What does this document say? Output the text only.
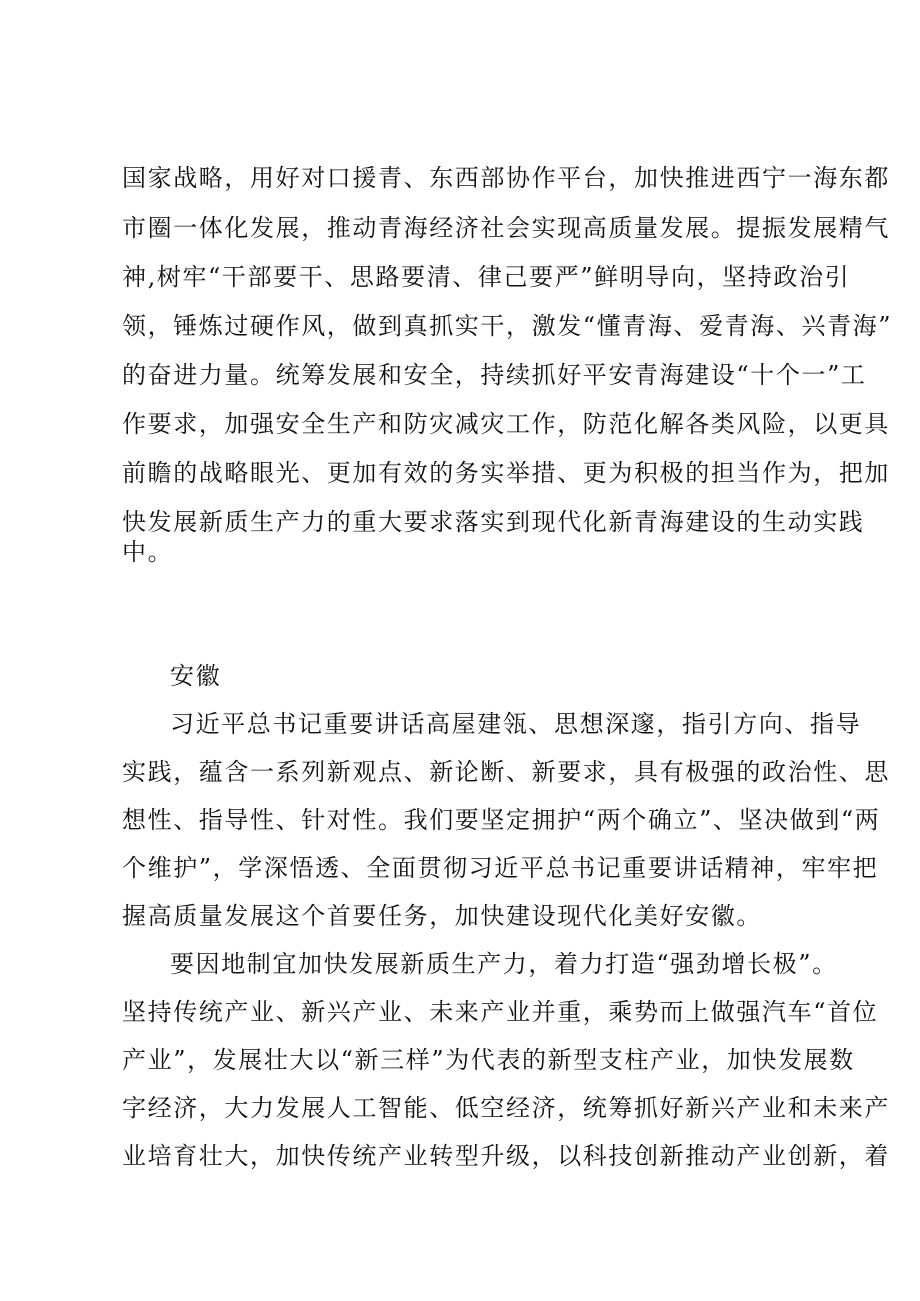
国家战略，用好对口援青、东西部协作平台，加快推进西宁一海东都
市圈一体化发展，推动青海经济社会实现高质量发展。提振发展精气
神,树牢“干部要干、思路要清、律己要严”鲜明导向，坚持政治引
领，锤炼过硬作风，做到真抓实干，激发“懂青海、爱青海、兴青海”
的奋进力量。统筹发展和安全，持续抓好平安青海建设“十个一”工
作要求，加强安全生产和防灾减灾工作，防范化解各类风险，以更具
前瞻的战略眼光、更加有效的务实举措、更为积极的担当作为，把加
快发展新质生产力的重大要求落实到现代化新青海建设的生动实践
中。
安徽
习近平总书记重要讲话高屋建瓴、思想深邃，指引方向、指导
实践，蕴含一系列新观点、新论断、新要求，具有极强的政治性、思
想性、指导性、针对性。我们要坚定拥护“两个确立”、坚决做到“两
个维护”，学深悟透、全面贯彻习近平总书记重要讲话精神，牢牢把
握高质量发展这个首要任务，加快建设现代化美好安徽。
要因地制宜加快发展新质生产力，着力打造“强劲增长极”。
坚持传统产业、新兴产业、未来产业并重，乘势而上做强汽车“首位
产业”，发展壮大以“新三样”为代表的新型支柱产业，加快发展数
字经济，大力发展人工智能、低空经济，统筹抓好新兴产业和未来产
业培育壮大，加快传统产业转型升级，以科技创新推动产业创新，着
